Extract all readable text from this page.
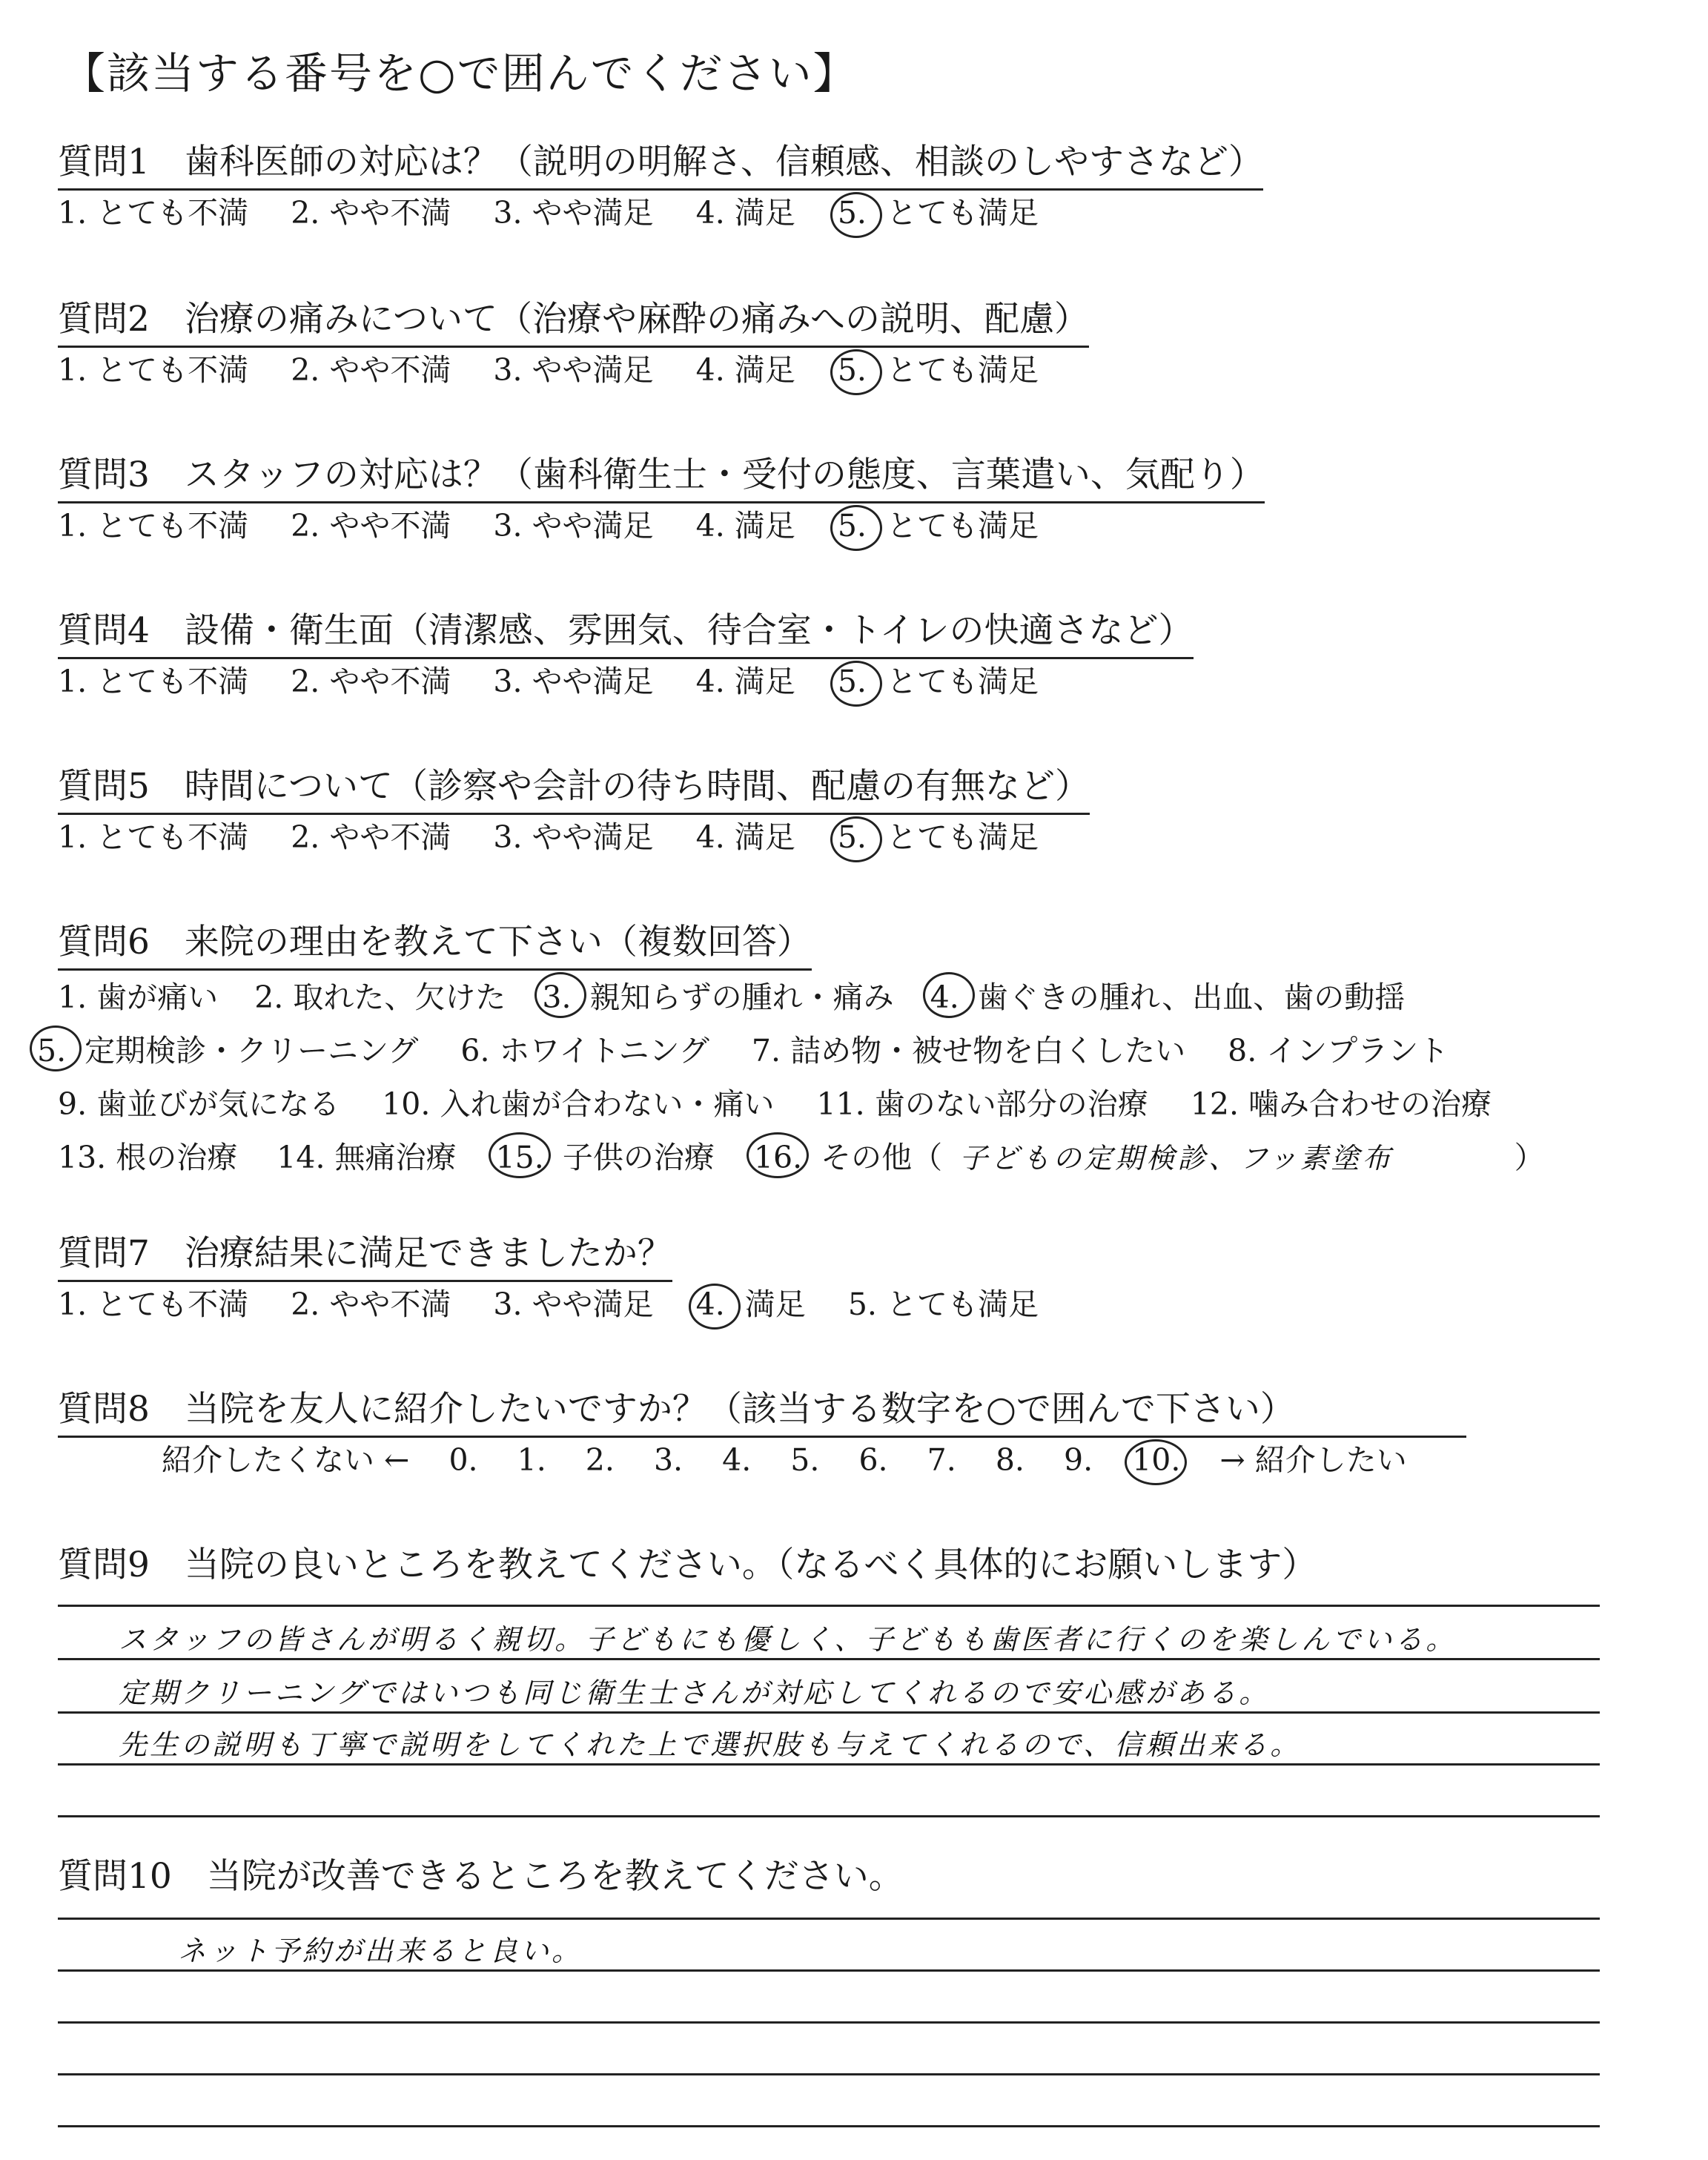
【該当する番号を○で囲んでください】
質問1　歯科医師の対応は？（説明の明解さ、信頼感、相談のしやすさなど）
1. とても不満 2. やや不満 3. やや満足 4. 満足 5. とても満足
質問2　治療の痛みについて（治療や麻酔の痛みへの説明、配慮）
1. とても不満 2. やや不満 3. やや満足 4. 満足 5. とても満足
質問3　スタッフの対応は？（歯科衛生士・受付の態度、言葉遣い、気配り）
1. とても不満 2. やや不満 3. やや満足 4. 満足 5. とても満足
質問4　設備・衛生面（清潔感、雰囲気、待合室・トイレの快適さなど）
1. とても不満 2. やや不満 3. やや満足 4. 満足 5. とても満足
質問5　時間について（診察や会計の待ち時間、配慮の有無など）
1. とても不満 2. やや不満 3. やや満足 4. 満足 5. とても満足
質問6　来院の理由を教えて下さい（複数回答）
1. 歯が痛い 2. 取れた、欠けた 3. 親知らずの腫れ・痛み 4. 歯ぐきの腫れ、出血、歯の動揺
5. 定期検診・クリーニング 6. ホワイトニング 7. 詰め物・被せ物を白くしたい 8. インプラント
9. 歯並びが気になる 10. 入れ歯が合わない・痛い 11. 歯のない部分の治療 12. 噛み合わせの治療
13. 根の治療 14. 無痛治療 15. 子供の治療 16. その他（ 子どもの定期検診、フッ素塗布	）
質問7　治療結果に満足できましたか？
1. とても不満 2. やや不満 3. やや満足 4. 満足 5. とても満足
質問8　当院を友人に紹介したいですか？（該当する数字を○で囲んで下さい）
紹介したくない ← 0. 1. 2. 3. 4. 5. 6. 7. 8. 9. 10. → 紹介したい
質問9　当院の良いところを教えてください。（なるべく具体的にお願いします）
スタッフの皆さんが明るく親切。子どもにも優しく、子どもも歯医者に行くのを楽しんでいる。
定期クリーニングではいつも同じ衛生士さんが対応してくれるので安心感がある。
先生の説明も丁寧で説明をしてくれた上で選択肢も与えてくれるので、信頼出来る。
質問10　当院が改善できるところを教えてください。
ネット予約が出来ると良い。
